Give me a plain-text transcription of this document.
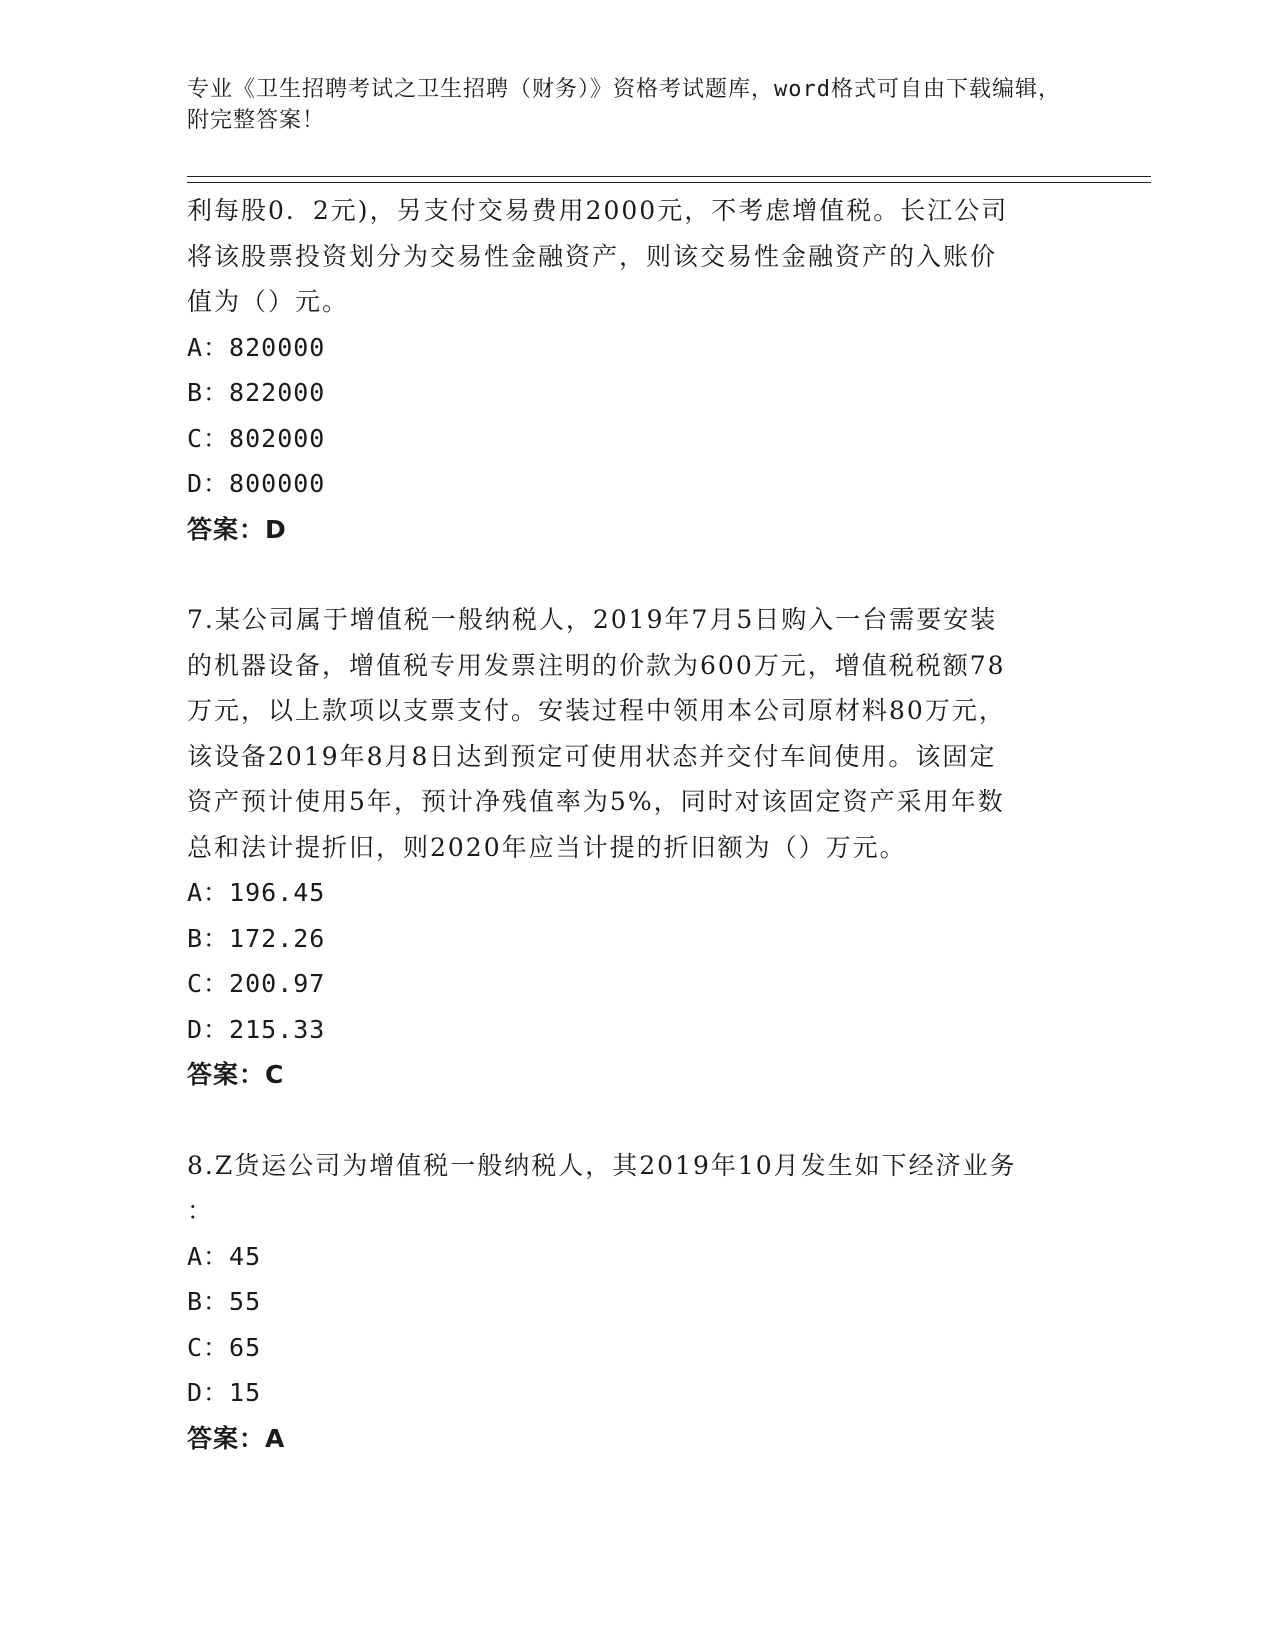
专业《卫生招聘考试之卫生招聘（财务）》资格考试题库，word格式可自由下载编辑，附完整答案！

利每股0．2元)，另支付交易费用2000元，不考虑增值税。长江公司

将该股票投资划分为交易性金融资产，则该交易性金融资产的入账价

值为（）元。

A：820000

B：822000

C：802000

D：800000

答案：D

7.某公司属于增值税一般纳税人，2019年7月5日购入一台需要安装

的机器设备，增值税专用发票注明的价款为600万元，增值税税额78

万元，以上款项以支票支付。安装过程中领用本公司原材料80万元，

该设备2019年8月8日达到预定可使用状态并交付车间使用。该固定

资产预计使用5年，预计净残值率为5%，同时对该固定资产采用年数

总和法计提折旧，则2020年应当计提的折旧额为（）万元。

A：196.45

B：172.26

C：200.97

D：215.33

答案：C

8.Z货运公司为增值税一般纳税人，其2019年10月发生如下经济业务

：

A：45

B：55

C：65

D：15

答案：A
